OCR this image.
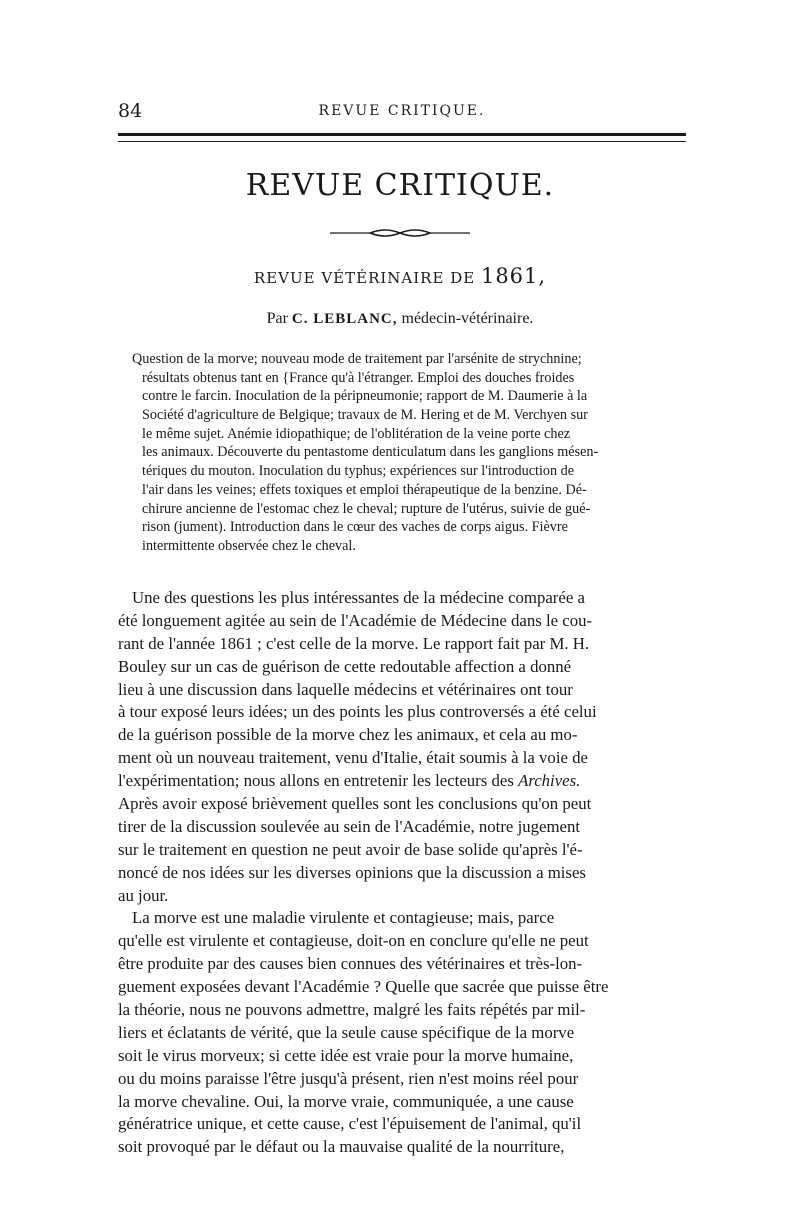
84	REVUE CRITIQUE.
REVUE CRITIQUE.
REVUE VÉTÉRINAIRE DE 1861,
Par C. LEBLANC, médecin-vétérinaire.
Question de la morve; nouveau mode de traitement par l'arsénite de strychnine;
résultats obtenus tant en {France qu'à l'étranger. Emploi des douches froides
contre le farcin. Inoculation de la péripneumonie; rapport de M. Daumerie à la
Société d'agriculture de Belgique; travaux de M. Hering et de M. Verchyen sur
le même sujet. Anémie idiopathique; de l'oblitération de la veine porte chez
les animaux. Découverte du pentastome denticulatum dans les ganglions mésen-
tériques du mouton. Inoculation du typhus; expériences sur l'introduction de
l'air dans les veines; effets toxiques et emploi thérapeutique de la benzine. Dé-
chirure ancienne de l'estomac chez le cheval; rupture de l'utérus, suivie de gué-
rison (jument). Introduction dans le cœur des vaches de corps aigus. Fièvre
intermittente observée chez le cheval.
Une des questions les plus intéressantes de la médecine comparée a
été longuement agitée au sein de l'Académie de Médecine dans le cou-
rant de l'année 1861 ; c'est celle de la morve. Le rapport fait par M. H.
Bouley sur un cas de guérison de cette redoutable affection a donné
lieu à une discussion dans laquelle médecins et vétérinaires ont tour
à tour exposé leurs idées; un des points les plus controversés a été celui
de la guérison possible de la morve chez les animaux, et cela au mo-
ment où un nouveau traitement, venu d'Italie, était soumis à la voie de
l'expérimentation; nous allons en entretenir les lecteurs des Archives.
Après avoir exposé brièvement quelles sont les conclusions qu'on peut
tirer de la discussion soulevée au sein de l'Académie, notre jugement
sur le traitement en question ne peut avoir de base solide qu'après l'é-
noncé de nos idées sur les diverses opinions que la discussion a mises
au jour.
La morve est une maladie virulente et contagieuse; mais, parce
qu'elle est virulente et contagieuse, doit-on en conclure qu'elle ne peut
être produite par des causes bien connues des vétérinaires et très-lon-
guement exposées devant l'Académie ? Quelle que sacrée que puisse être
la théorie, nous ne pouvons admettre, malgré les faits répétés par mil-
liers et éclatants de vérité, que la seule cause spécifique de la morve
soit le virus morveux; si cette idée est vraie pour la morve humaine,
ou du moins paraisse l'être jusqu'à présent, rien n'est moins réel pour
la morve chevaline. Oui, la morve vraie, communiquée, a une cause
génératrice unique, et cette cause, c'est l'épuisement de l'animal, qu'il
soit provoqué par le défaut ou la mauvaise qualité de la nourriture,
